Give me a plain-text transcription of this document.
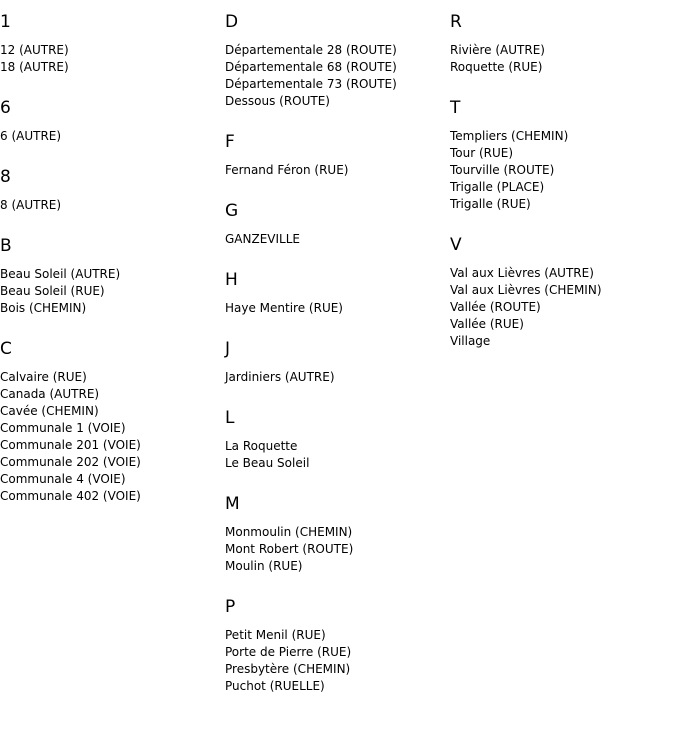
1
12 (AUTRE)
18 (AUTRE)
6
6 (AUTRE)
8
8 (AUTRE)
B
Beau Soleil (AUTRE)
Beau Soleil (RUE)
Bois (CHEMIN)
C
Calvaire (RUE)
Canada (AUTRE)
Cavée (CHEMIN)
Communale 1 (VOIE)
Communale 201 (VOIE)
Communale 202 (VOIE)
Communale 4 (VOIE)
Communale 402 (VOIE)
D
Départementale 28 (ROUTE)
Départementale 68 (ROUTE)
Départementale 73 (ROUTE)
Dessous (ROUTE)
F
Fernand Féron (RUE)
G
GANZEVILLE
H
Haye Mentire (RUE)
J
Jardiniers (AUTRE)
L
La Roquette
Le Beau Soleil
M
Monmoulin (CHEMIN)
Mont Robert (ROUTE)
Moulin (RUE)
P
Petit Menil (RUE)
Porte de Pierre (RUE)
Presbytère (CHEMIN)
Puchot (RUELLE)
R
Rivière (AUTRE)
Roquette (RUE)
T
Templiers (CHEMIN)
Tour (RUE)
Tourville (ROUTE)
Trigalle (PLACE)
Trigalle (RUE)
V
Val aux Lièvres (AUTRE)
Val aux Lièvres (CHEMIN)
Vallée (ROUTE)
Vallée (RUE)
Village
